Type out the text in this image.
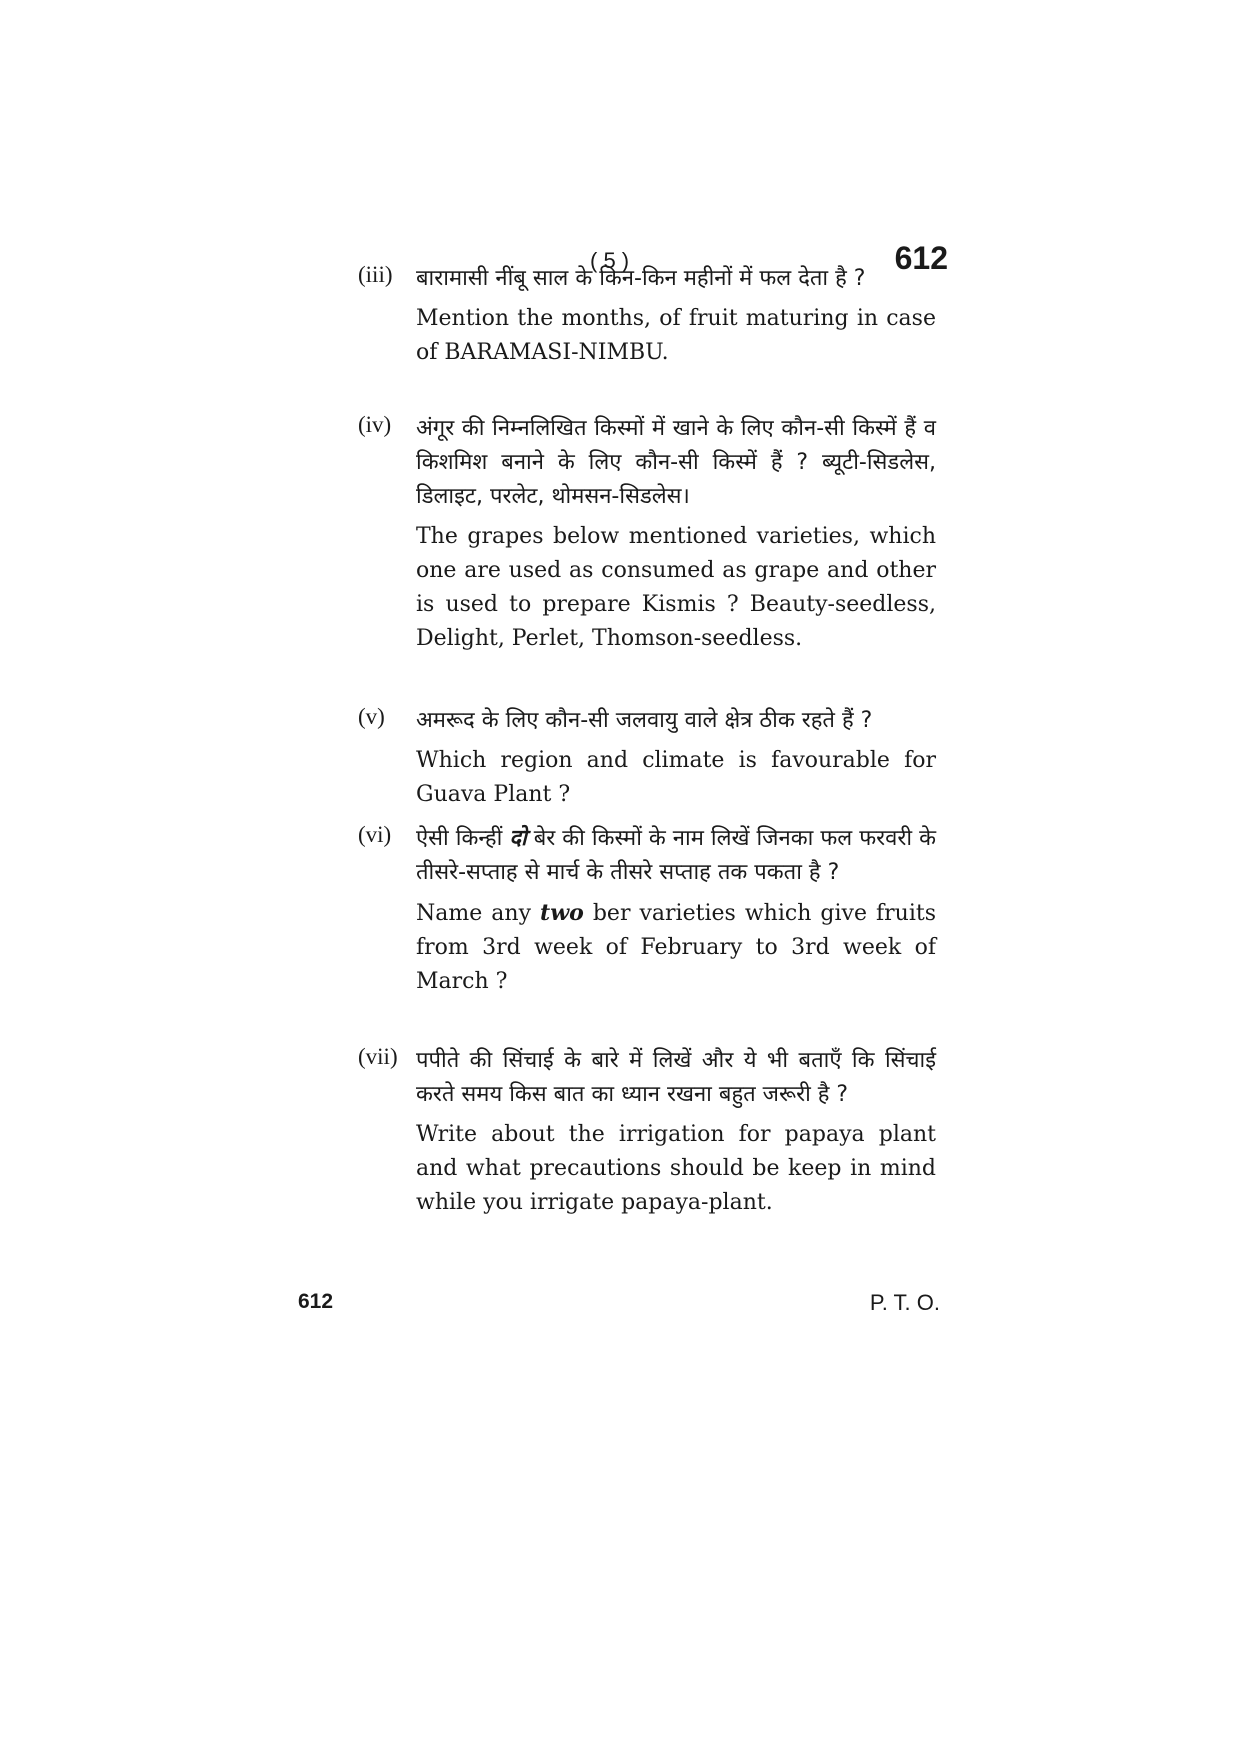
( 5 )	612
(iii) बारामासी नींबू साल के किन-किन महीनों में फल देता है ?

Mention the months, of fruit maturing in case of BARAMASI-NIMBU.

(iv) अंगूर की निम्नलिखित किस्मों में खाने के लिए कौन-सी किस्में हैं व किशमिश बनाने के लिए कौन-सी किस्में हैं ? ब्यूटी-सिडलेस, डिलाइट, परलेट, थोमसन-सिडलेस।

The grapes below mentioned varieties, which one are used as consumed as grape and other is used to prepare Kismis ? Beauty-seedless, Delight, Perlet, Thomson-seedless.

(v) अमरूद के लिए कौन-सी जलवायु वाले क्षेत्र ठीक रहते हैं ?

Which region and climate is favourable for Guava Plant ?

(vi) ऐसी किन्हीं दो बेर की किस्मों के नाम लिखें जिनका फल फरवरी के तीसरे-सप्ताह से मार्च के तीसरे सप्ताह तक पकता है ?

Name any two ber varieties which give fruits from 3rd week of February to 3rd week of March ?

(vii) पपीते की सिंचाई के बारे में लिखें और ये भी बताएँ कि सिंचाई करते समय किस बात का ध्यान रखना बहुत जरूरी है ?

Write about the irrigation for papaya plant and what precautions should be keep in mind while you irrigate papaya-plant.

612	P. T. O.
